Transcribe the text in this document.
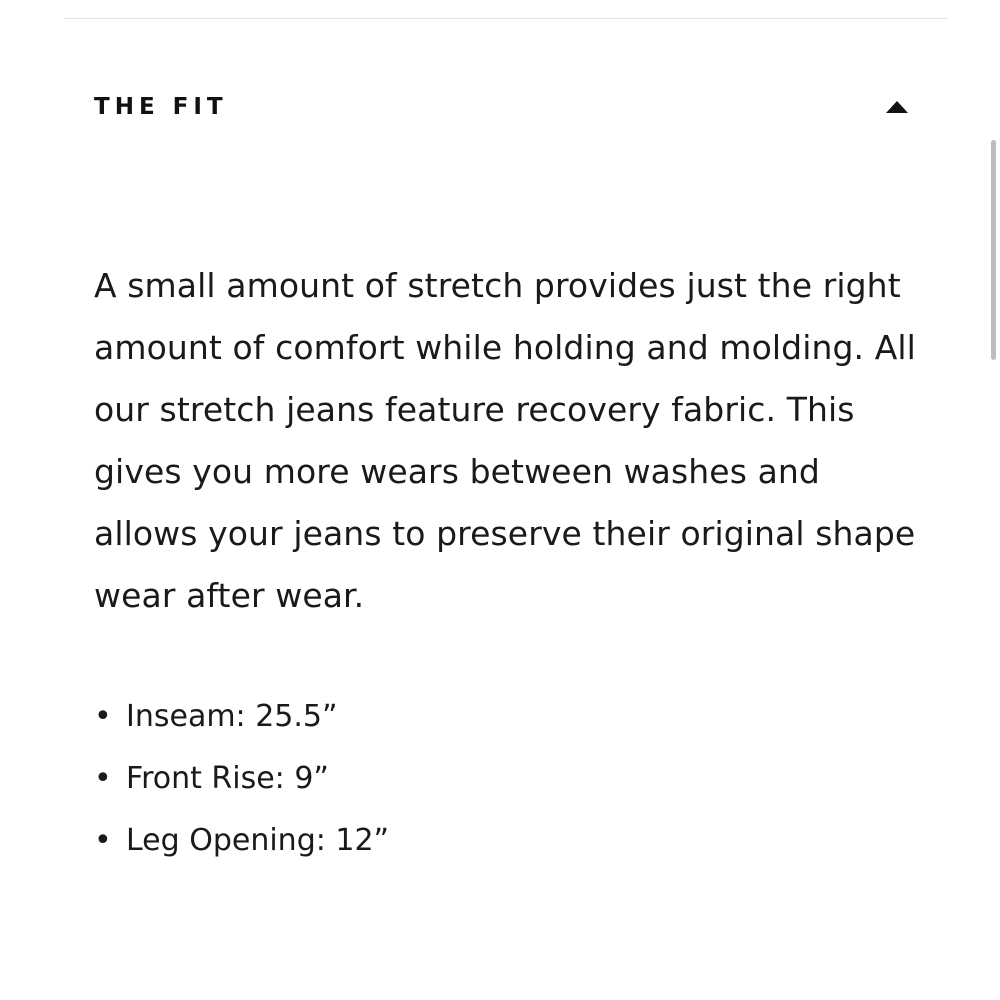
THE FIT

A small amount of stretch provides just the right amount of comfort while holding and molding. All our stretch jeans feature recovery fabric. This gives you more wears between washes and allows your jeans to preserve their original shape wear after wear.

• Inseam: 25.5”
• Front Rise: 9”
• Leg Opening: 12”
